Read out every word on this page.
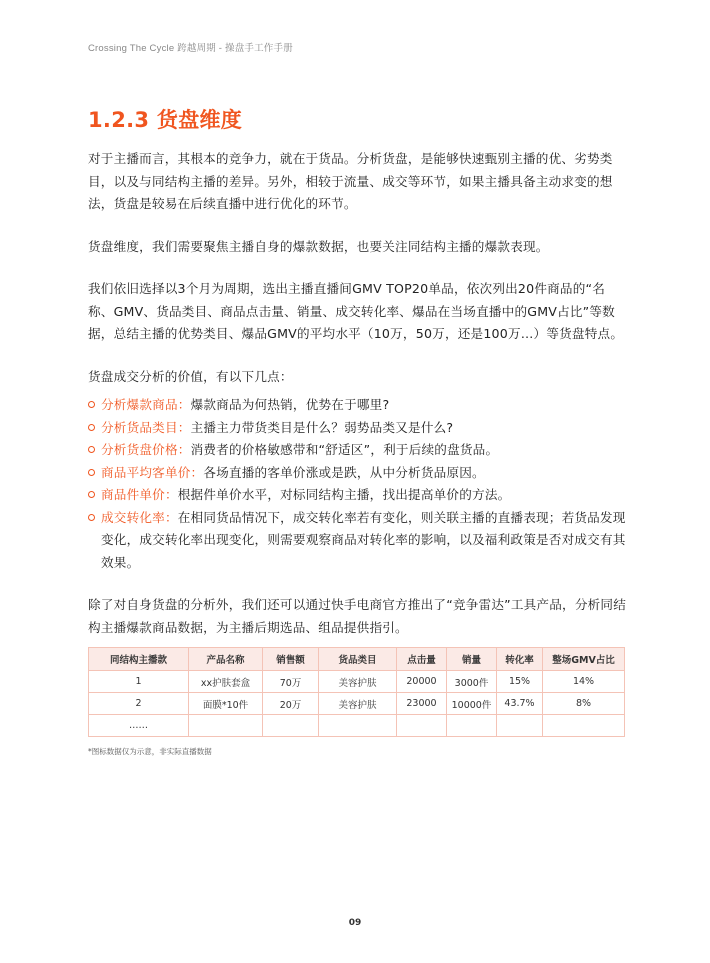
Crossing The Cycle 跨越周期 - 操盘手工作手册
1.2.3 货盘维度

对于主播而言，其根本的竞争力，就在于货品。分析货盘，是能够快速甄别主播的优、劣势类目，以及与同结构主播的差异。另外，相较于流量、成交等环节，如果主播具备主动求变的想法，货盘是较易在后续直播中进行优化的环节。

货盘维度，我们需要聚焦主播自身的爆款数据，也要关注同结构主播的爆款表现。

我们依旧选择以3个月为周期，选出主播直播间GMV TOP20单品，依次列出20件商品的“名称、GMV、货品类目、商品点击量、销量、成交转化率、爆品在当场直播中的GMV占比”等数据，总结主播的优势类目、爆品GMV的平均水平（10万，50万，还是100万…）等货盘特点。

货盘成交分析的价值，有以下几点：

分析爆款商品：爆款商品为何热销，优势在于哪里?
分析货品类目：主播主力带货类目是什么？弱势品类又是什么?
分析货盘价格：消费者的价格敏感带和“舒适区”，利于后续的盘货品。
商品平均客单价：各场直播的客单价涨或是跌，从中分析货品原因。
商品件单价：根据件单价水平，对标同结构主播，找出提高单价的方法。
成交转化率：在相同货品情况下，成交转化率若有变化，则关联主播的直播表现；若货品发现变化，成交转化率出现变化，则需要观察商品对转化率的影响，以及福利政策是否对成交有其效果。

除了对自身货盘的分析外，我们还可以通过快手电商官方推出了“竞争雷达”工具产品，分析同结构主播爆款商品数据，为主播后期选品、组品提供指引。

同结构主播款	产品名称	销售额	货品类目	点击量	销量	转化率	整场GMV占比
1	xx护肤套盒	70万	美容护肤	20000	3000件	15%	14%
2	面膜*10件	20万	美容护肤	23000	10000件	43.7%	8%
……							
*图标数据仅为示意，非实际直播数据
09
